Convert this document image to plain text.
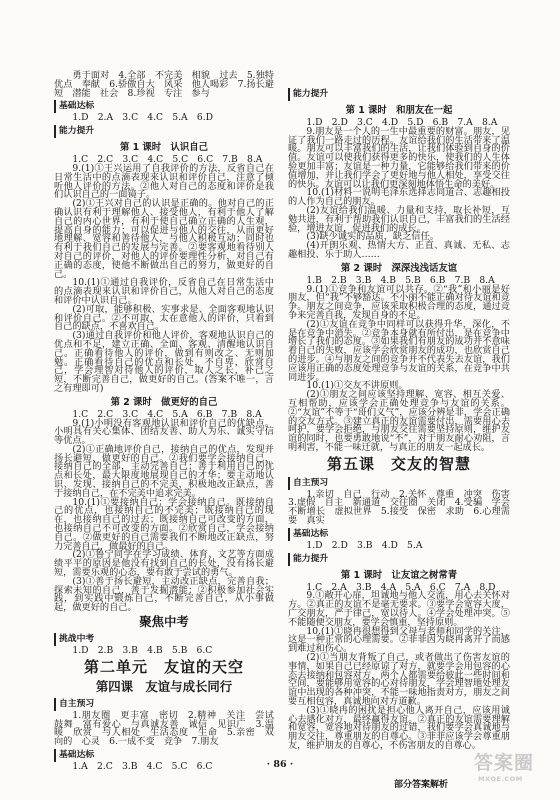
勇于面对　4.全部　不完美　相貌　过去　5.独特优点　奉献　6.骄傲自大　风采　他人喝彩　7.扬长避短　潜能　社会　8.珍视　专注　参与
基础达标
1.D　2.A　3.C　4.C　5.A　6.D
能力提升
第 1 课时　认识自己
1.C　2.C　3.C　4.C　5.C　6.C　7.B　8.A
9.(1)①王兴运用了自我评价的方法，反省自己在日常生活中的点滴表现来认识和评价自己，注意了倾听他人评价的方法。②他人对自己的态度和评价是我们认识自己的一面镜子。
(2)①王兴对自己的认识是正确的。他对自己的正确认识有利于理解他人、接受他人，有利于他人了解自己的内心世界，有利于使自己确立正确的人生观，提高自身的能力；可以促进与他人的交往，从而更好地理解、宽容和善待他人，与他人积极互动；同时也有利于我们自己的发展与完善。②要客观地看待别人对自己的评价，对他人的评价要理性分析，对自己有正确的态度，使他不断做出自己的努力，做更好的自己。
10.(1)①通过自我评价，反省自己在日常生活中的点滴表现来认识和评价自己，从他人对自己的态度和评价中认识自己。
(2)可取，能够积极、实事求是、全面客观地认识和评价自己。②不可取，太在意他人的评价，只看到自己的缺点，不喜欢自己。
(3)通过自我评价和他人评价，客观地认识自己的优点和不足，建立正确、全面、客观、清醒地认识自己。正确看待他人的评价，做到有则改之、无则加勉。正确看待自己的优点和长处，不自卑，欣赏自己，学会理智对待他人的评价，取人之长，补己之短，不断完善自己，做更好的自己。(答案不唯一，言之有理即可)
第 2 课时　做更好的自己
1.C　2.C　3.C　4.C　5.A　6.B　7.B　8.A
9.(1)小明没有客观地认识和评价自己的优缺点。小明具有关心集体、团结友善、助人为乐、诚实守信等优点。
(2)①正确地评价自己，接纳自己的优点，发现并扬长避短，做更好的自己。②我们要学会接纳自己，接纳自己的全部，主动完善自己；善于利用自己的优点和长处，最大限度地展现自己的才华；要主动地认识、发现、接纳自己的不完美，积极地改正缺点，善于接纳自己，在不完美中追求完美。
10.(1)①要接纳自己：学会接纳自己。既接纳自己的优点，也接纳自己的不完美；既接纳自己的现在，也接纳自己的过去；既接纳自己可改变的方面，也接纳自己不可改变的方面。②欣赏自己，学会接纳自己。②做更好的自己需要我们不断地改正缺点，努力完善自己，做最好的自己。
(2)①鲁宁同学在学习成绩、体育、文艺等方面成绩平平的原因是他没有找到自己的长处，没有扬长避短，需要乐观的心态，要有敢于尝试的勇气。
(3)①善于扬长避短，主动改正缺点，完善自我；探索未知的自己，善于发掘潜能；②积极参加社会实践，到实践中锻炼自己，不断完善自己，从小事做起，做更好的自己。
聚焦中考
挑战中考
1.D　2.B　3.B　4.B　5.B　6.C
第二单元　友谊的天空
第四课　友谊与成长同行
自主预习
1.朋友圈　更丰富　密切　2.精神　关注　尝试　鼓舞　富有爱心　与真诚友善　诚信　见识广　3.温暖　欣赏　与人相处　生活态度　生命　5.亲密　双向的　心灵　6.一成不变　竞争　7.朋友
基础达标
1.A　2.C　3.B　4.C　5.C　6.C
能力提升
第 1 课时　和朋友在一起
1.D　2.D　3.C　4.D　5.D　6.B　7.A　8.A
9.朋友是一个人的一生中最重要的财富。朋友，见证了我们一路走过的历程。友谊给我们的生活带来了温暖。朋友可以丰富我们的生活，让我们体验到自身的价值。友谊可以使我们获得更多的快乐，使我们的人生体验更加丰富；友谊是一种力量，它能够给我们带来的价值增加，并让我们学会了更好地与他人相处，享受交往的快乐。友谊可以让我们更深刻地体悟生命的美好。
10.(1)材料一说明毛泽东选择志同道合、志趣相投的人作为自己的朋友。
(2)友谊给我们温暖、力量和支持，取长补短，互勉共进，有利于帮助我们认识自己，丰富我们的生活经验，增进友谊，促进我们的成长。
(3)缺少诚实的品质，缺乏信任。
(4)开朗乐观、热情大方、正直、真诚、无私、志趣相投、乐于助人……
第 2 课时　深深浅浅话友谊
1.B　2.B　3.B　4.B　5.B　6.B　7.B　8.A
9.(1)①竞争和友谊可以共存。②“我”和小丽是好朋友，但“我”不够豁达。不小丽不能正确对待友谊和竞争。朋友之间竞争，应该采取积极合理的态度，通过竞争来完善自我，发现自身的不足。
(2)①友谊在竞争中同样可以获得升华，深化，不是在竞争中消失。②竞争本身就有所付出，是在竞争中增长了我们的态度。③如果我们有朋友的成功并不意味着自己的失败，应该学会欣赏朋友的成功，也欣赏自己的进步。④与朋友之间的竞争并不代表失去友谊，我们应该用正确的态度处理竞争与友谊的关系，在竞争中共同进步。
10.(1)①交友不讲原则。
(2)①朋友之间应该坚持理解、宽容、相互关爱、互相帮助，应该学会正确处理竞争与友谊的关系。②“友谊”不等于“哥们义气”，应该分辨是非，学会正确的交友方式。③建立真正的友谊需要付出，需要用心去呵护，要学会拒绝，与朋友交往需要坚持原则，维护友谊的同时，也要勇敢地说“不”，对于朋友耐心劝阻，言明利害，不能一味迁就，与真正的朋友一起成长。
第五课　交友的智慧
自主预习
1.亲切　自己　行动　2.关怀　尊重　冲突　伤害　3.虚假　自主　新通道　交往圈　关闭　4.受骗　学会　不断增长　虚拟世界　5.接受　保密　求助　6.心理需要　真实
基础达标
1.D　2.D　3.B　4.D　5.A
能力提升
第 1 课时　让友谊之树常青
1.C　2.A　3.B　4.A　5.A　6.C　7.A　8.D
9.①敞开心扉，坦诚地与他人交流，用心去关怀对方。②真正的友谊不是毫无要求。③要学会宽容大度，广交朋友，严于律己，宽以待人。④学会处理冲突。⑤不能随便交朋友，要学会慎重，坚持原则。
10.(1)①晓冉很想得到父母与老师和同学的关注，这是一种正常的心理需要。②菲菲因为晓冉离开了而感到难过和伤心。
(2)①当朋友背叛了自己，或者做出了伤害友谊的事情，如果自己已经原谅了对方，就要学会用包容的心态去接纳和包容对方，两个人都需要给彼此一些时间和空间，要能够用宽容的心对待朋友，学会理智地处理友谊中出现的各种冲突，不能一味地指责对方，朋友之间要互相包容，真诚地向对方道歉。
(3)①晓冉的困扰是担心他人离开自己，应该用诚心去感化对方，最终赢得友谊。②真正的友谊需要理解和宽容，宽容地对待朋友的过错，我们要学会真诚地与朋友交往，尊重朋友的自尊心。③菲菲应该学会尊重朋友，维护朋友的自尊心，不伤害朋友的自尊心。
· 86 ·
部分答案解析
答案圈
MXQE.COM
